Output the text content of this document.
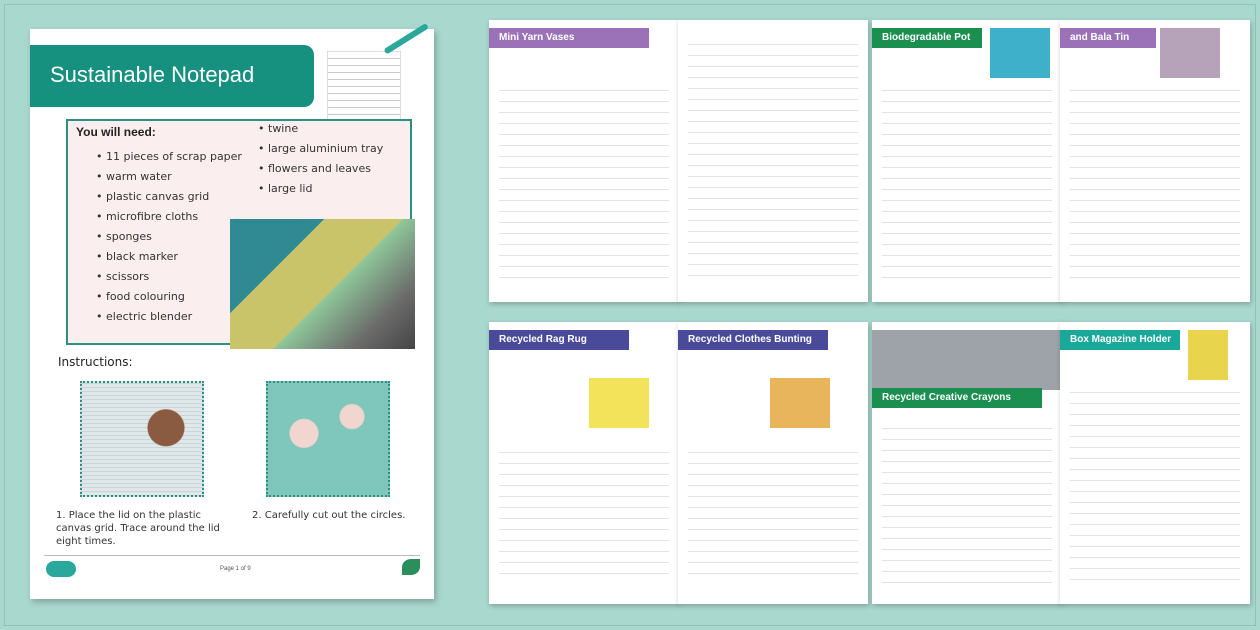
Sustainable Notepad
You will need:
• 11 pieces of scrap paper
• warm water
• plastic canvas grid
• microfibre cloths
• sponges
• black marker
• scissors
• food colouring
• electric blender
• twine
• large aluminium tray
• flowers and leaves
• large lid
Instructions:
1. Place the lid on the plastic canvas grid. Trace around the lid eight times.
2. Carefully cut out the circles.
Page 1 of 9
Mini Yarn Vases	Biodegradable Pot	and Bala Tin
Recycled Rag Rug	Recycled Clothes Bunting
Recycled Creative Crayons
Box Magazine Holder
